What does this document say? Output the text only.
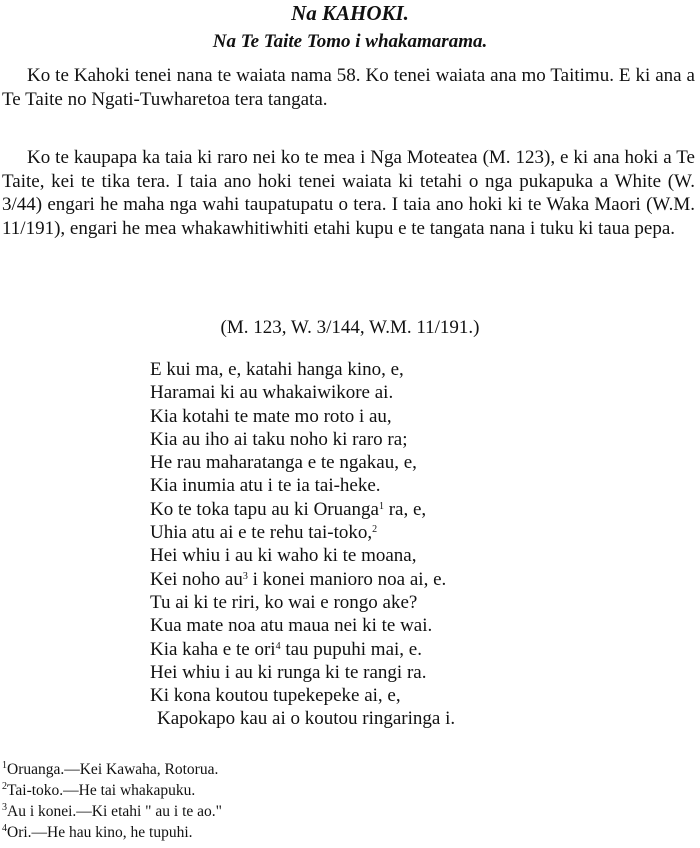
Na KAHOKI.
Na Te Taite Tomo i whakamarama.

Ko te Kahoki tenei nana te waiata nama 58. Ko tenei waiata ana mo Taitimu. E ki ana a Te Taite no Ngati-Tuwharetoa tera tangata.

Ko te kaupapa ka taia ki raro nei ko te mea i Nga Moteatea (M. 123), e ki ana hoki a Te Taite, kei te tika tera. I taia ano hoki tenei waiata ki tetahi o nga pukapuka a White (W. 3/44) engari he maha nga wahi taupatupatu o tera. I taia ano hoki ki te Waka Maori (W.M. 11/191), engari he mea whakawhitiwhiti etahi kupu e te tangata nana i tuku ki taua pepa.

(M. 123, W. 3/144, W.M. 11/191.)
E kui ma, e, katahi hanga kino, e,
Haramai ki au whakaiwikore ai.
Kia kotahi te mate mo roto i au,
Kia au iho ai taku noho ki raro ra;
He rau maharatanga e te ngakau, e,
Kia inumia atu i te ia tai-heke.
Ko te toka tapu au ki Oruanga$^1$ ra, e,
Uhia atu ai e te rehu tai-toko,$^2$
Hei whiu i au ki waho ki te moana,
Kei noho $au^3$ i konei manioro noa ai, e.
Tu ai ki te riri, ko wai e rongo ake?
Kua mate noa atu maua nei ki te wai.
Kia kaha e te ori$^4$ tau pupuhi mai, e.
Hei whiu i au ki runga ki te rangi ra.
Ki kona koutou tupekepeke ai, e,
Kapokapo kau ai o koutou ringaringa i.
$^1$Oruanga.—Kei Kawaha, Rotorua.
$^2$Tai-toko.—He tai whakapuku.
$^3$Au i konei.—Ki etahi " au i te ao."
$^4$Ori.—He hau kino, he tupuhi.
